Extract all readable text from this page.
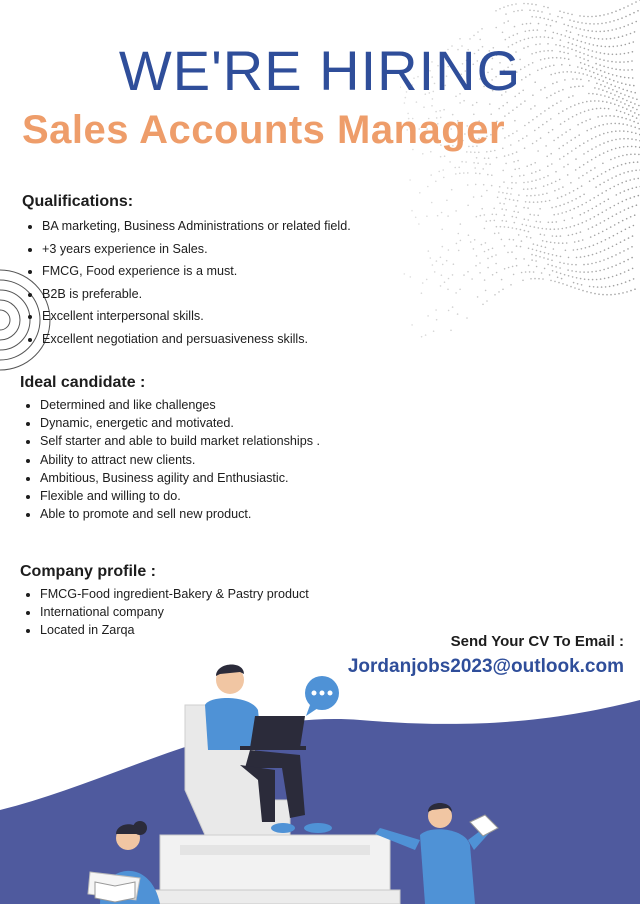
WE'RE HIRING
Sales Accounts Manager
Qualifications:
• BA marketing, Business Administrations or related field.
• +3 years experience in Sales.
• FMCG, Food experience is a must.
• B2B is preferable.
• Excellent interpersonal skills.
• Excellent negotiation and persuasiveness skills.
Ideal candidate :
• Determined and like challenges
• Dynamic, energetic and motivated.
• Self starter and able to build market relationships .
• Ability to attract new clients.
• Ambitious, Business agility and Enthusiastic.
• Flexible and willing to do.
• Able to promote and sell new product.
Company profile :
• FMCG-Food ingredient-Bakery & Pastry product
• International company
• Located in Zarqa
Send Your CV To Email :
Jordanjobs2023@outlook.com
